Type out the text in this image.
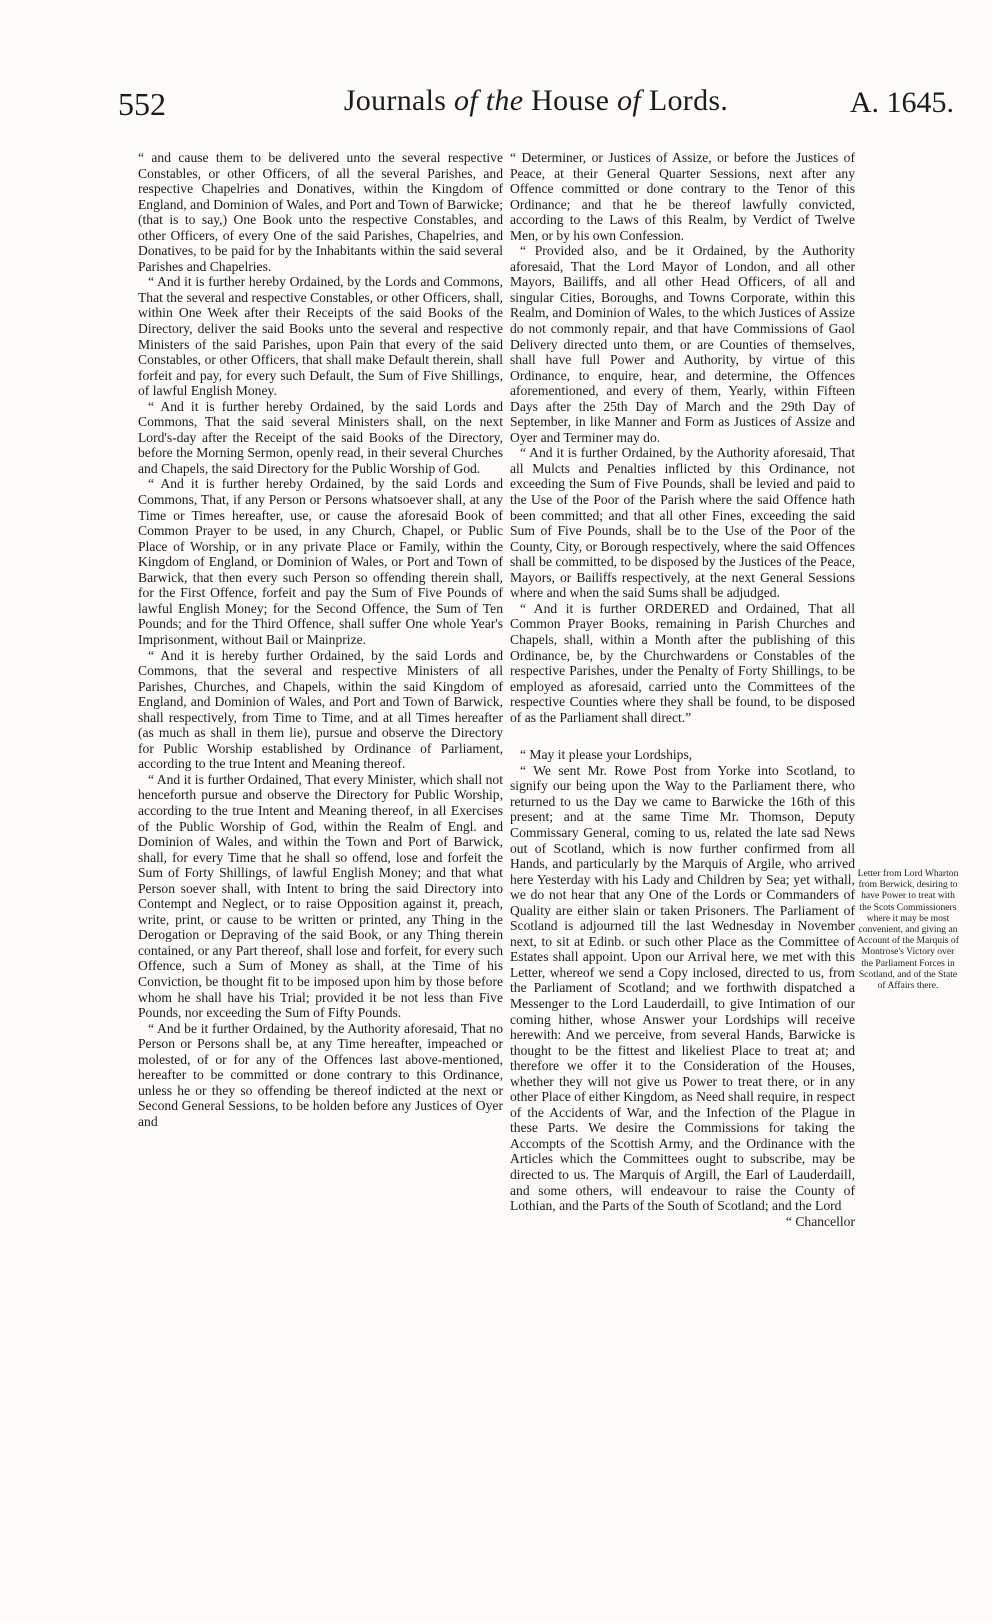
552	Journals of the House of Lords.	A. 1645.

“ and cause them to be delivered unto the several respective Constables, or other Officers, of all the several Parishes, and respective Chapelries and Donatives, within the Kingdom of England, and Dominion of Wales, and Port and Town of Barwicke; (that is to say,) One Book unto the respective Constables, and other Officers, of every One of the said Parishes, Chapelries, and Donatives, to be paid for by the Inhabitants within the said several Parishes and Chapelries.

“ And it is further hereby Ordained, by the Lords and Commons, That the several and respective Constables, or other Officers, shall, within One Week after their Receipts of the said Books of the Directory, deliver the said Books unto the several and respective Ministers of the said Parishes, upon Pain that every of the said Constables, or other Officers, that shall make Default therein, shall forfeit and pay, for every such Default, the Sum of Five Shillings, of lawful English Money.

“ And it is further hereby Ordained, by the said Lords and Commons, That the said several Ministers shall, on the next Lord's-day after the Receipt of the said Books of the Directory, before the Morning Sermon, openly read, in their several Churches and Chapels, the said Directory for the Public Worship of God.

“ And it is further hereby Ordained, by the said Lords and Commons, That, if any Person or Persons whatsoever shall, at any Time or Times hereafter, use, or cause the aforesaid Book of Common Prayer to be used, in any Church, Chapel, or Public Place of Worship, or in any private Place or Family, within the Kingdom of England, or Dominion of Wales, or Port and Town of Barwick, that then every such Person so offending therein shall, for the First Offence, forfeit and pay the Sum of Five Pounds of lawful English Money; for the Second Offence, the Sum of Ten Pounds; and for the Third Offence, shall suffer One whole Year's Imprisonment, without Bail or Mainprize.

“ And it is hereby further Ordained, by the said Lords and Commons, that the several and respective Ministers of all Parishes, Churches, and Chapels, within the said Kingdom of England, and Dominion of Wales, and Port and Town of Barwick, shall respectively, from Time to Time, and at all Times hereafter (as much as shall in them lie), pursue and observe the Directory for Public Worship established by Ordinance of Parliament, according to the true Intent and Meaning thereof.

“ And it is further Ordained, That every Minister, which shall not henceforth pursue and observe the Directory for Public Worship, according to the true Intent and Meaning thereof, in all Exercises of the Public Worship of God, within the Realm of Engl. and Dominion of Wales, and within the Town and Port of Barwick, shall, for every Time that he shall so offend, lose and forfeit the Sum of Forty Shillings, of lawful English Money; and that what Person soever shall, with Intent to bring the said Directory into Contempt and Neglect, or to raise Opposition against it, preach, write, print, or cause to be written or printed, any Thing in the Derogation or Depraving of the said Book, or any Thing therein contained, or any Part thereof, shall lose and forfeit, for every such Offence, such a Sum of Money as shall, at the Time of his Conviction, be thought fit to be imposed upon him by those before whom he shall have his Trial; provided it be not less than Five Pounds, nor exceeding the Sum of Fifty Pounds.

“ And be it further Ordained, by the Authority aforesaid, That no Person or Persons shall be, at any Time hereafter, impeached or molested, of or for any of the Offences last above-mentioned, hereafter to be committed or done contrary to this Ordinance, unless he or they so offending be thereof indicted at the next or Second General Sessions, to be holden before any Justices of Oyer and

“ Determiner, or Justices of Assize, or before the Justices of Peace, at their General Quarter Sessions, next after any Offence committed or done contrary to the Tenor of this Ordinance; and that he be thereof lawfully convicted, according to the Laws of this Realm, by Verdict of Twelve Men, or by his own Confession.

“ Provided also, and be it Ordained, by the Authority aforesaid, That the Lord Mayor of London, and all other Mayors, Bailiffs, and all other Head Officers, of all and singular Cities, Boroughs, and Towns Corporate, within this Realm, and Dominion of Wales, to the which Justices of Assize do not commonly repair, and that have Commissions of Gaol Delivery directed unto them, or are Counties of themselves, shall have full Power and Authority, by virtue of this Ordinance, to enquire, hear, and determine, the Offences aforementioned, and every of them, Yearly, within Fifteen Days after the 25th Day of March and the 29th Day of September, in like Manner and Form as Justices of Assize and Oyer and Terminer may do.

“ And it is further Ordained, by the Authority aforesaid, That all Mulcts and Penalties inflicted by this Ordinance, not exceeding the Sum of Five Pounds, shall be levied and paid to the Use of the Poor of the Parish where the said Offence hath been committed; and that all other Fines, exceeding the said Sum of Five Pounds, shall be to the Use of the Poor of the County, City, or Borough respectively, where the said Offences shall be committed, to be disposed by the Justices of the Peace, Mayors, or Bailiffs respectively, at the next General Sessions where and when the said Sums shall be adjudged.

“ And it is further ORDERED and Ordained, That all Common Prayer Books, remaining in Parish Churches and Chapels, shall, within a Month after the publishing of this Ordinance, be, by the Churchwardens or Constables of the respective Parishes, under the Penalty of Forty Shillings, to be employed as aforesaid, carried unto the Committees of the respective Counties where they shall be found, to be disposed of as the Parliament shall direct.”

“ May it please your Lordships,

“ We sent Mr. Rowe Post from Yorke into Scotland, to signify our being upon the Way to the Parliament there, who returned to us the Day we came to Barwicke the 16th of this present; and at the same Time Mr. Thomson, Deputy Commissary General, coming to us, related the late sad News out of Scotland, which is now further confirmed from all Hands, and particularly by the Marquis of Argile, who arrived here Yesterday with his Lady and Children by Sea; yet withall, we do not hear that any One of the Lords or Commanders of Quality are either slain or taken Prisoners. The Parliament of Scotland is adjourned till the last Wednesday in November next, to sit at Edinb. or such other Place as the Committee of Estates shall appoint. Upon our Arrival here, we met with this Letter, whereof we send a Copy inclosed, directed to us, from the Parliament of Scotland; and we forthwith dispatched a Messenger to the Lord Lauderdaill, to give Intimation of our coming hither, whose Answer your Lordships will receive herewith: And we perceive, from several Hands, Barwicke is thought to be the fittest and likeliest Place to treat at; and therefore we offer it to the Consideration of the Houses, whether they will not give us Power to treat there, or in any other Place of either Kingdom, as Need shall require, in respect of the Accidents of War, and the Infection of the Plague in these Parts. We desire the Commissions for taking the Accompts of the Scottish Army, and the Ordinance with the Articles which the Committees ought to subscribe, may be directed to us. The Marquis of Argill, the Earl of Lauderdaill, and some others, will endeavour to raise the County of Lothian, and the Parts of the South of Scotland; and the Lord

“ Chancellor

Letter from Lord Wharton from Berwick, desiring to have Power to treat with the Scots Commissioners where it may be most convenient, and giving an Account of the Marquis of Montrose's Victory over the Parliament Forces in Scotland, and of the State of Affairs there.
